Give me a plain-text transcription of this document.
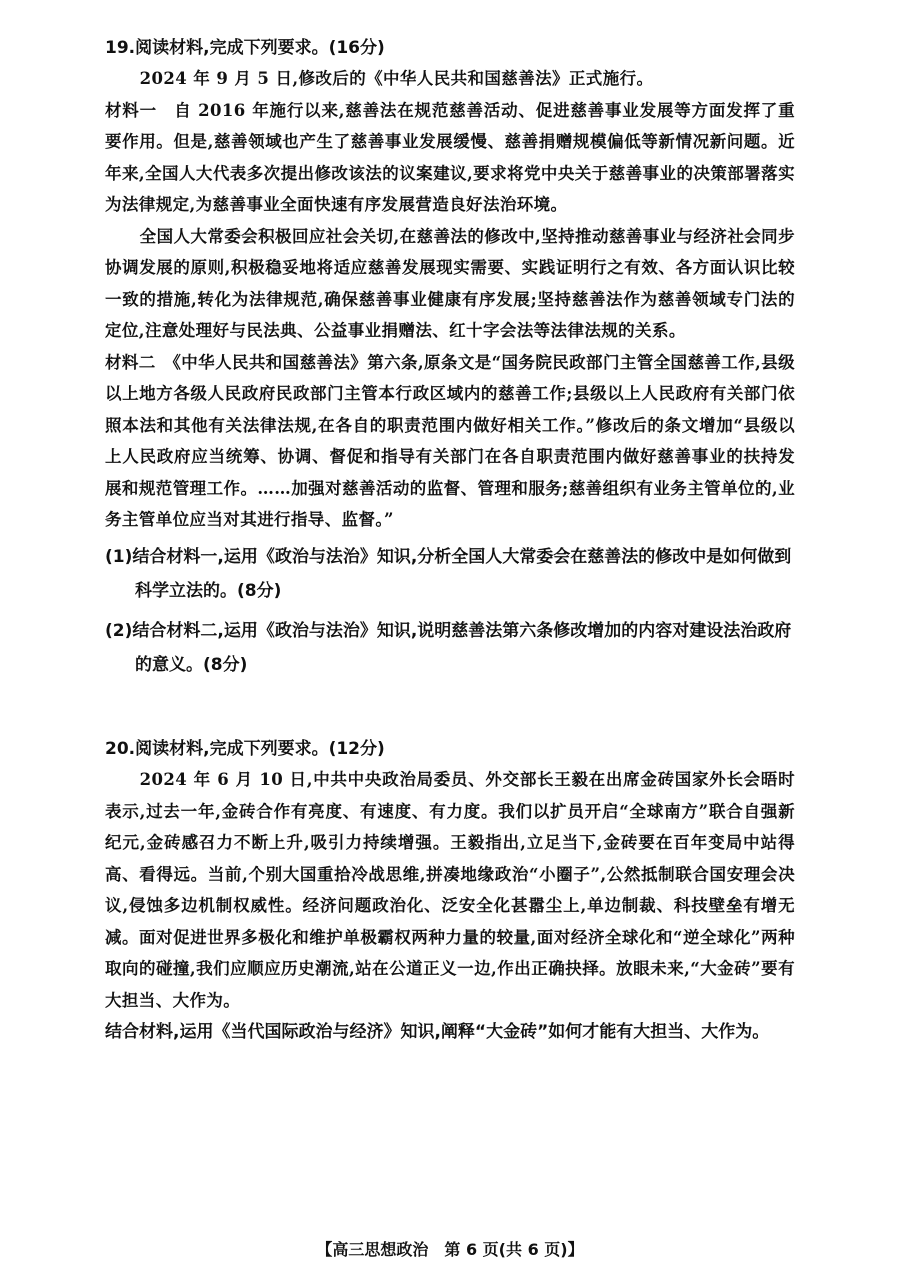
19.阅读材料,完成下列要求。(16分)

2024 年 9 月 5 日,修改后的《中华人民共和国慈善法》正式施行。

材料一　 自 2016 年施行以来,慈善法在规范慈善活动、促进慈善事业发展等方面发挥了重要作用。但是,慈善领域也产生了慈善事业发展缓慢、慈善捐赠规模偏低等新情况新问题。近年来,全国人大代表多次提出修改该法的议案建议,要求将党中央关于慈善事业的决策部署落实为法律规定,为慈善事业全面快速有序发展营造良好法治环境。

全国人大常委会积极回应社会关切,在慈善法的修改中,坚持推动慈善事业与经济社会同步协调发展的原则,积极稳妥地将适应慈善发展现实需要、实践证明行之有效、各方面认识比较一致的措施,转化为法律规范,确保慈善事业健康有序发展;坚持慈善法作为慈善领域专门法的定位,注意处理好与民法典、公益事业捐赠法、红十字会法等法律法规的关系。

材料二　 《中华人民共和国慈善法》第六条,原条文是“国务院民政部门主管全国慈善工作,县级以上地方各级人民政府民政部门主管本行政区域内的慈善工作;县级以上人民政府有关部门依照本法和其他有关法律法规,在各自的职责范围内做好相关工作。”修改后的条文增加“县级以上人民政府应当统筹、协调、督促和指导有关部门在各自职责范围内做好慈善事业的扶持发展和规范管理工作。……加强对慈善活动的监督、管理和服务;慈善组织有业务主管单位的,业务主管单位应当对其进行指导、监督。”

(1)结合材料一,运用《政治与法治》知识,分析全国人大常委会在慈善法的修改中是如何做到科学立法的。(8分)

(2)结合材料二,运用《政治与法治》知识,说明慈善法第六条修改增加的内容对建设法治政府的意义。(8分)

20.阅读材料,完成下列要求。(12分)

2024 年 6 月 10 日,中共中央政治局委员、外交部长王毅在出席金砖国家外长会晤时表示,过去一年,金砖合作有亮度、有速度、有力度。我们以扩员开启“全球南方”联合自强新纪元,金砖感召力不断上升,吸引力持续增强。王毅指出,立足当下,金砖要在百年变局中站得高、看得远。当前,个别大国重拾冷战思维,拼凑地缘政治“小圈子”,公然抵制联合国安理会决议,侵蚀多边机制权威性。经济问题政治化、泛安全化甚嚣尘上,单边制裁、科技壁垒有增无减。面对促进世界多极化和维护单极霸权两种力量的较量,面对经济全球化和“逆全球化”两种取向的碰撞,我们应顺应历史潮流,站在公道正义一边,作出正确抉择。放眼未来,“大金砖”要有大担当、大作为。

结合材料,运用《当代国际政治与经济》知识,阐释“大金砖”如何才能有大担当、大作为。

【高三思想政治　第 6 页(共 6 页)】
